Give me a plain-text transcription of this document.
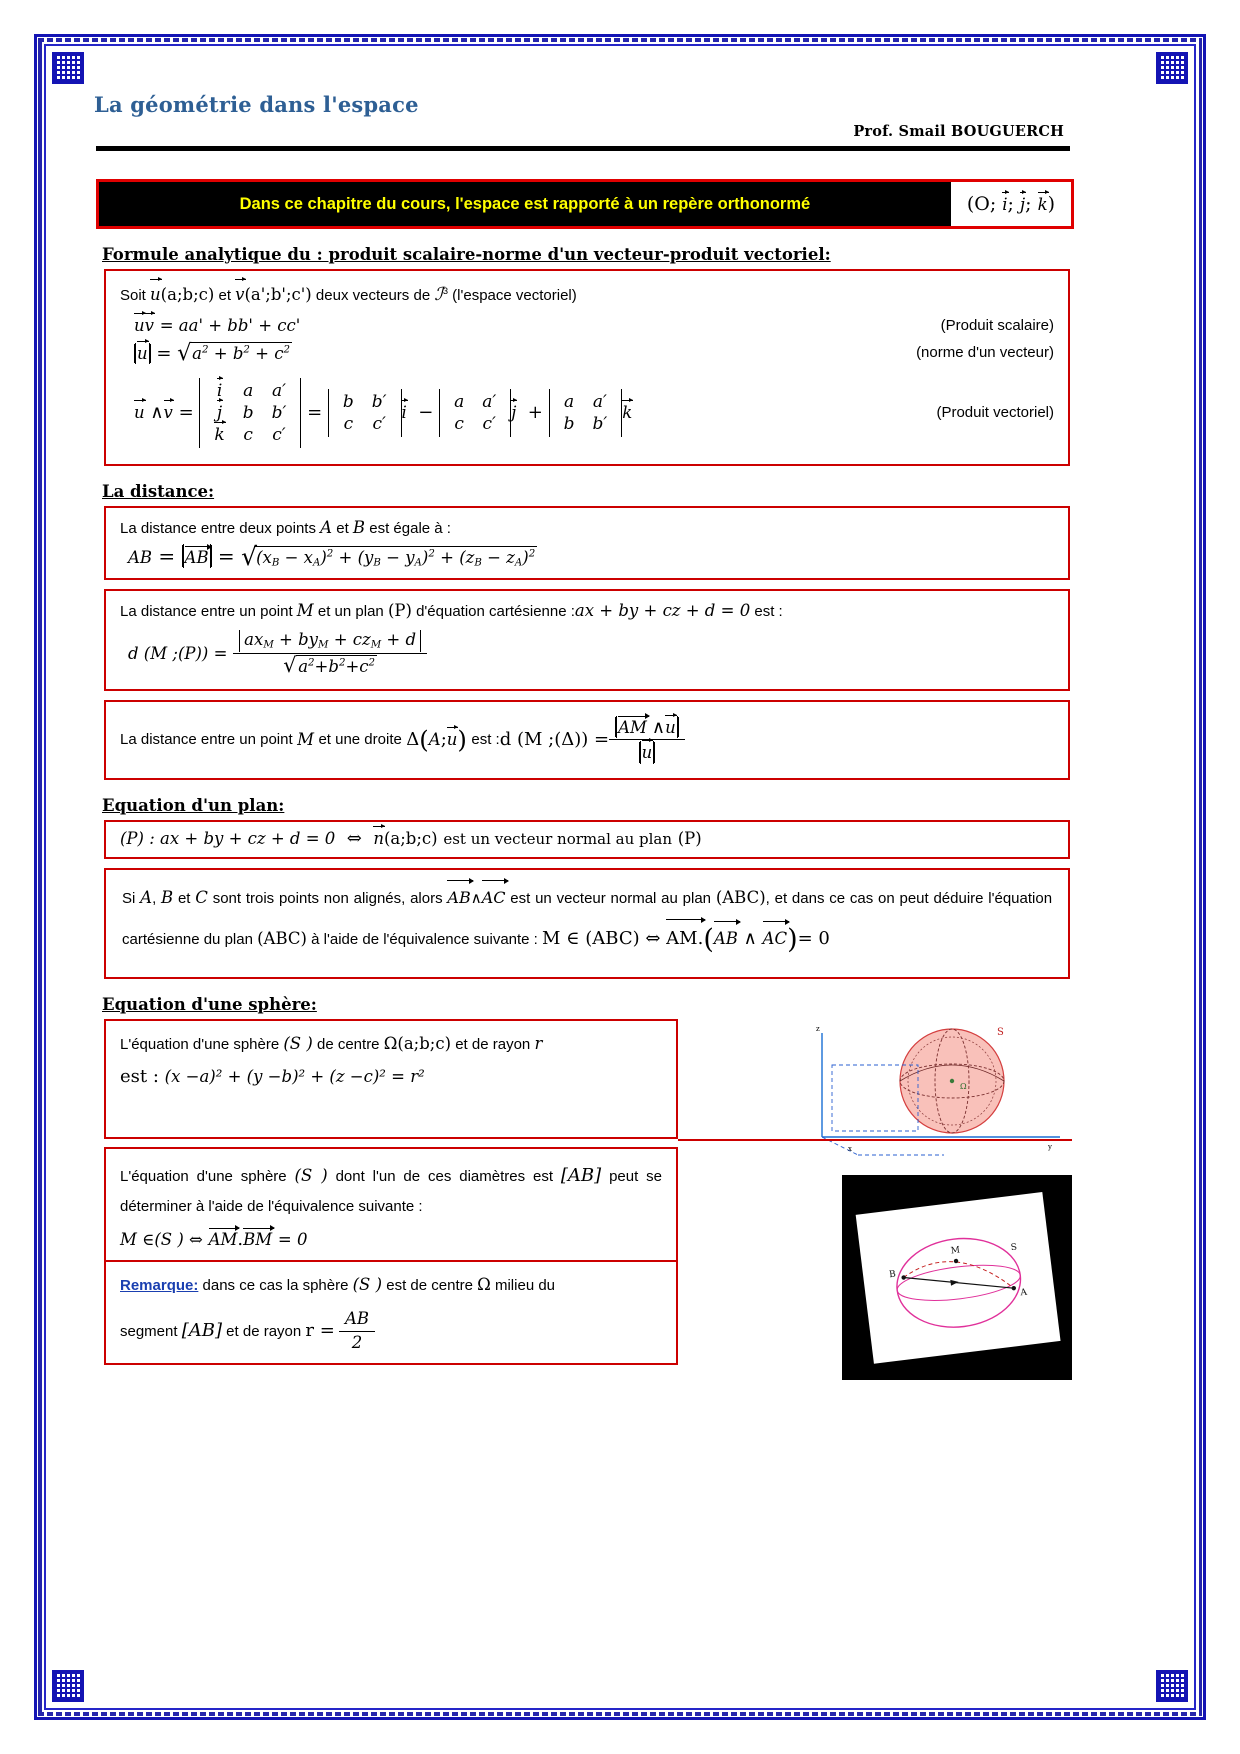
La géométrie dans l'espace
Prof. Smail BOUGUERCH
Dans ce chapitre du cours, l'espace est rapporté à un repère orthonormé	(O; i ; j ; k )
Formule analytique du : produit scalaire-norme d'un vecteur-produit vectoriel:
Soit u(a;b;c) et v(a';b';c') deux vecteurs de ℐ$^3$ (l'espace vectoriel)
uv = aa' + bb' + cc'	(Produit scalaire)
u = √ $a^2 + b^2 + c^2$	(norme d'un vecteur)
u ∧v =
i	a	a′
j	b	b′
k	c	c′
= b	b′
c	c′
i  − a	a′
c	c′
j  + a	a′
b	b′
k	(Produit vectoriel)
La distance:
La distance entre deux points A et B est égale à :
AB = AB = √ $(x_B - x_A)^2 + (y_B - y_A)^2 + (z_B - z_A)^2$
La distance entre un point M et un plan (P) d'équation cartésienne :ax + by + cz + d = 0 est :
d (M ;(P)) = $ax_M + by_M + cz_M + d$
√ $a^2+b^2+c^2$
La distance entre un point
M
et une droite
Δ(A;u)
est : d (M ;(Δ)) = $\frac{AM \wedge u}{u}$
Equation d'un plan:
(P) : ax + by + cz + d = 0 ⇔ n(a;b;c) est un vecteur normal au plan (P)
Si A, B et C sont trois points non alignés, alors AB∧AC est un vecteur normal au plan (ABC), et dans ce cas on peut déduire l'équation cartésienne du plan (ABC) à l'aide de l'équivalence suivante : M ∈ (ABC) ⇔ AM.(AB ∧ AC)= 0
Equation d'une sphère:
L'équation d'une sphère (S ) de centre Ω(a;b;c) et de rayon r
est : (x −a)² + (y −b)² + (z −c)² = r²
L'équation d'une sphère (S ) dont l'un de ces diamètres est [AB] peut se déterminer à l'aide de l'équivalence suivante :
M ∈(S ) ⇔ AM.BM = 0
Remarque: dans ce cas la sphère (S ) est de centre Ω milieu du
segment
[AB]
et de rayon
r =
$\frac{AB}{2}$
Ω
S
z
x	y
M
B
A
S
